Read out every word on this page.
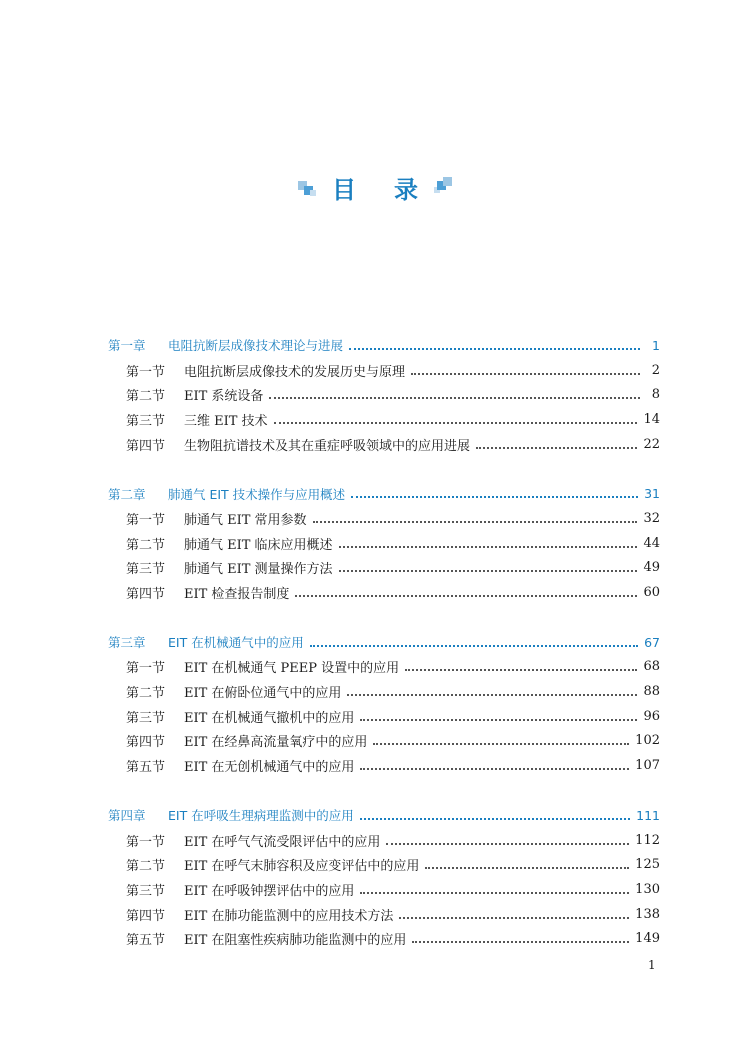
目 录
第一章	电阻抗断层成像技术理论与进展	1
第一节	电阻抗断层成像技术的发展历史与原理	2
第二节	EIT 系统设备	8
第三节	三维 EIT 技术	14
第四节	生物阻抗谱技术及其在重症呼吸领域中的应用进展	22
第二章	肺通气 EIT 技术操作与应用概述	31
第一节	肺通气 EIT 常用参数	32
第二节	肺通气 EIT 临床应用概述	44
第三节	肺通气 EIT 测量操作方法	49
第四节	EIT 检查报告制度	60
第三章	EIT 在机械通气中的应用	67
第一节	EIT 在机械通气 PEEP 设置中的应用	68
第二节	EIT 在俯卧位通气中的应用	88
第三节	EIT 在机械通气撤机中的应用	96
第四节	EIT 在经鼻高流量氧疗中的应用	102
第五节	EIT 在无创机械通气中的应用	107
第四章	EIT 在呼吸生理病理监测中的应用	111
第一节	EIT 在呼气气流受限评估中的应用	112
第二节	EIT 在呼气末肺容积及应变评估中的应用	125
第三节	EIT 在呼吸钟摆评估中的应用	130
第四节	EIT 在肺功能监测中的应用技术方法	138
第五节	EIT 在阻塞性疾病肺功能监测中的应用	149
1
